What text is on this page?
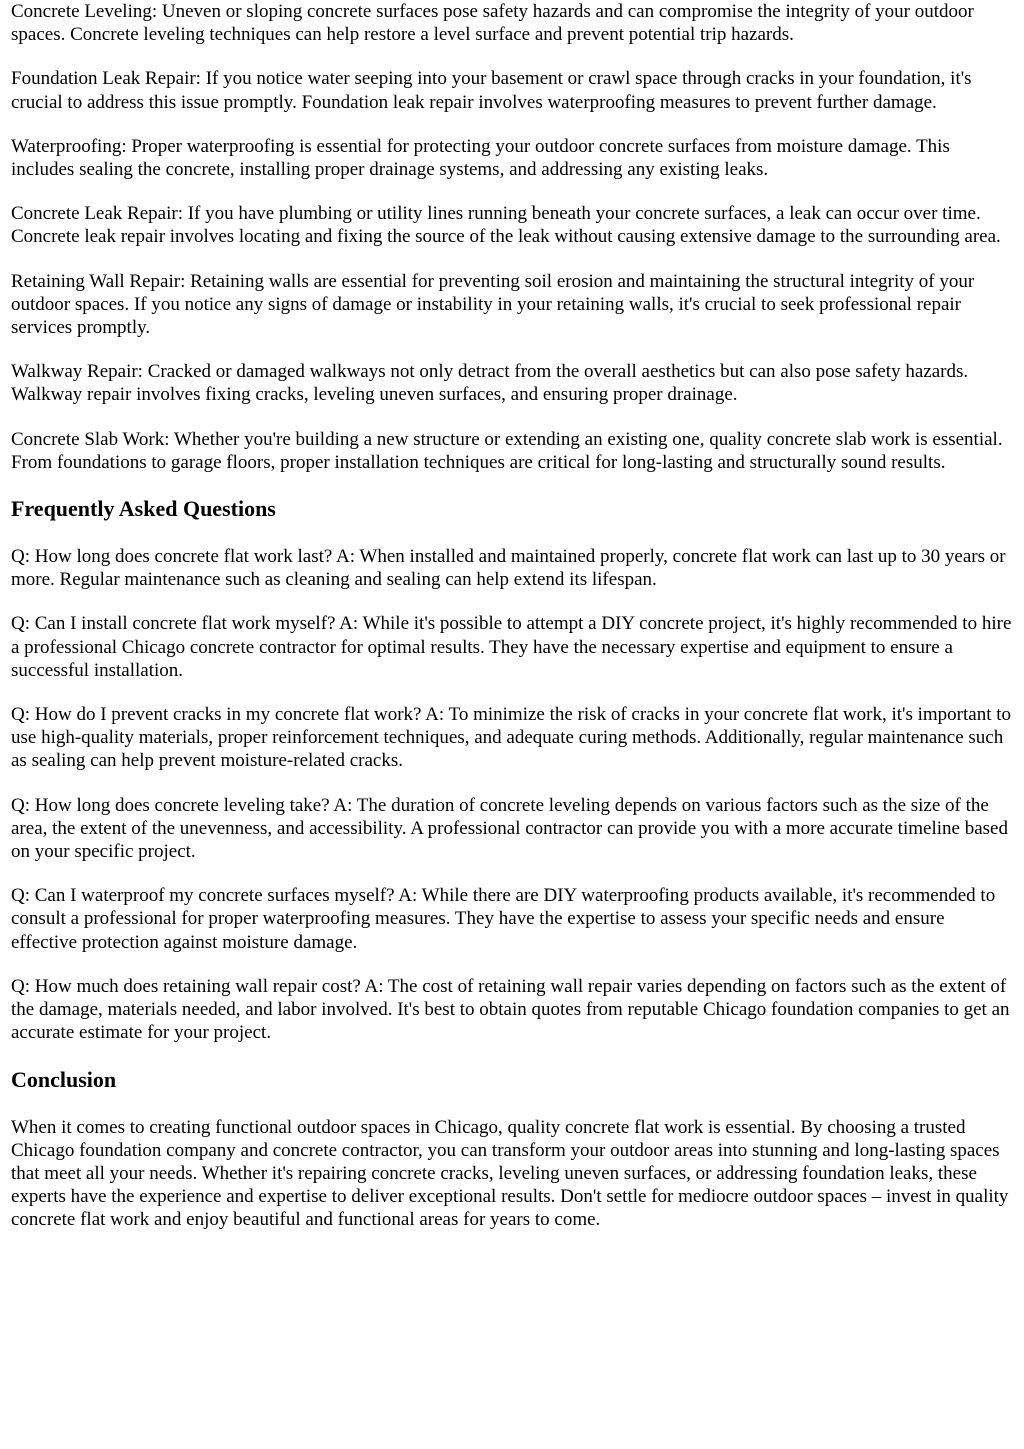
Concrete Leveling: Uneven or sloping concrete surfaces pose safety hazards and can compromise the integrity of your outdoor spaces. Concrete leveling techniques can help restore a level surface and prevent potential trip hazards.

Foundation Leak Repair: If you notice water seeping into your basement or crawl space through cracks in your foundation, it's crucial to address this issue promptly. Foundation leak repair involves waterproofing measures to prevent further damage.

Waterproofing: Proper waterproofing is essential for protecting your outdoor concrete surfaces from moisture damage. This includes sealing the concrete, installing proper drainage systems, and addressing any existing leaks.

Concrete Leak Repair: If you have plumbing or utility lines running beneath your concrete surfaces, a leak can occur over time. Concrete leak repair involves locating and fixing the source of the leak without causing extensive damage to the surrounding area.

Retaining Wall Repair: Retaining walls are essential for preventing soil erosion and maintaining the structural integrity of your outdoor spaces. If you notice any signs of damage or instability in your retaining walls, it's crucial to seek professional repair services promptly.

Walkway Repair: Cracked or damaged walkways not only detract from the overall aesthetics but can also pose safety hazards. Walkway repair involves fixing cracks, leveling uneven surfaces, and ensuring proper drainage.

Concrete Slab Work: Whether you're building a new structure or extending an existing one, quality concrete slab work is essential. From foundations to garage floors, proper installation techniques are critical for long-lasting and structurally sound results.

Frequently Asked Questions

Q: How long does concrete flat work last? A: When installed and maintained properly, concrete flat work can last up to 30 years or more. Regular maintenance such as cleaning and sealing can help extend its lifespan.

Q: Can I install concrete flat work myself? A: While it's possible to attempt a DIY concrete project, it's highly recommended to hire a professional Chicago concrete contractor for optimal results. They have the necessary expertise and equipment to ensure a successful installation.

Q: How do I prevent cracks in my concrete flat work? A: To minimize the risk of cracks in your concrete flat work, it's important to use high-quality materials, proper reinforcement techniques, and adequate curing methods. Additionally, regular maintenance such as sealing can help prevent moisture-related cracks.

Q: How long does concrete leveling take? A: The duration of concrete leveling depends on various factors such as the size of the area, the extent of the unevenness, and accessibility. A professional contractor can provide you with a more accurate timeline based on your specific project.

Q: Can I waterproof my concrete surfaces myself? A: While there are DIY waterproofing products available, it's recommended to consult a professional for proper waterproofing measures. They have the expertise to assess your specific needs and ensure effective protection against moisture damage.

Q: How much does retaining wall repair cost? A: The cost of retaining wall repair varies depending on factors such as the extent of the damage, materials needed, and labor involved. It's best to obtain quotes from reputable Chicago foundation companies to get an accurate estimate for your project.

Conclusion

When it comes to creating functional outdoor spaces in Chicago, quality concrete flat work is essential. By choosing a trusted Chicago foundation company and concrete contractor, you can transform your outdoor areas into stunning and long-lasting spaces that meet all your needs. Whether it's repairing concrete cracks, leveling uneven surfaces, or addressing foundation leaks, these experts have the experience and expertise to deliver exceptional results. Don't settle for mediocre outdoor spaces – invest in quality concrete flat work and enjoy beautiful and functional areas for years to come.
